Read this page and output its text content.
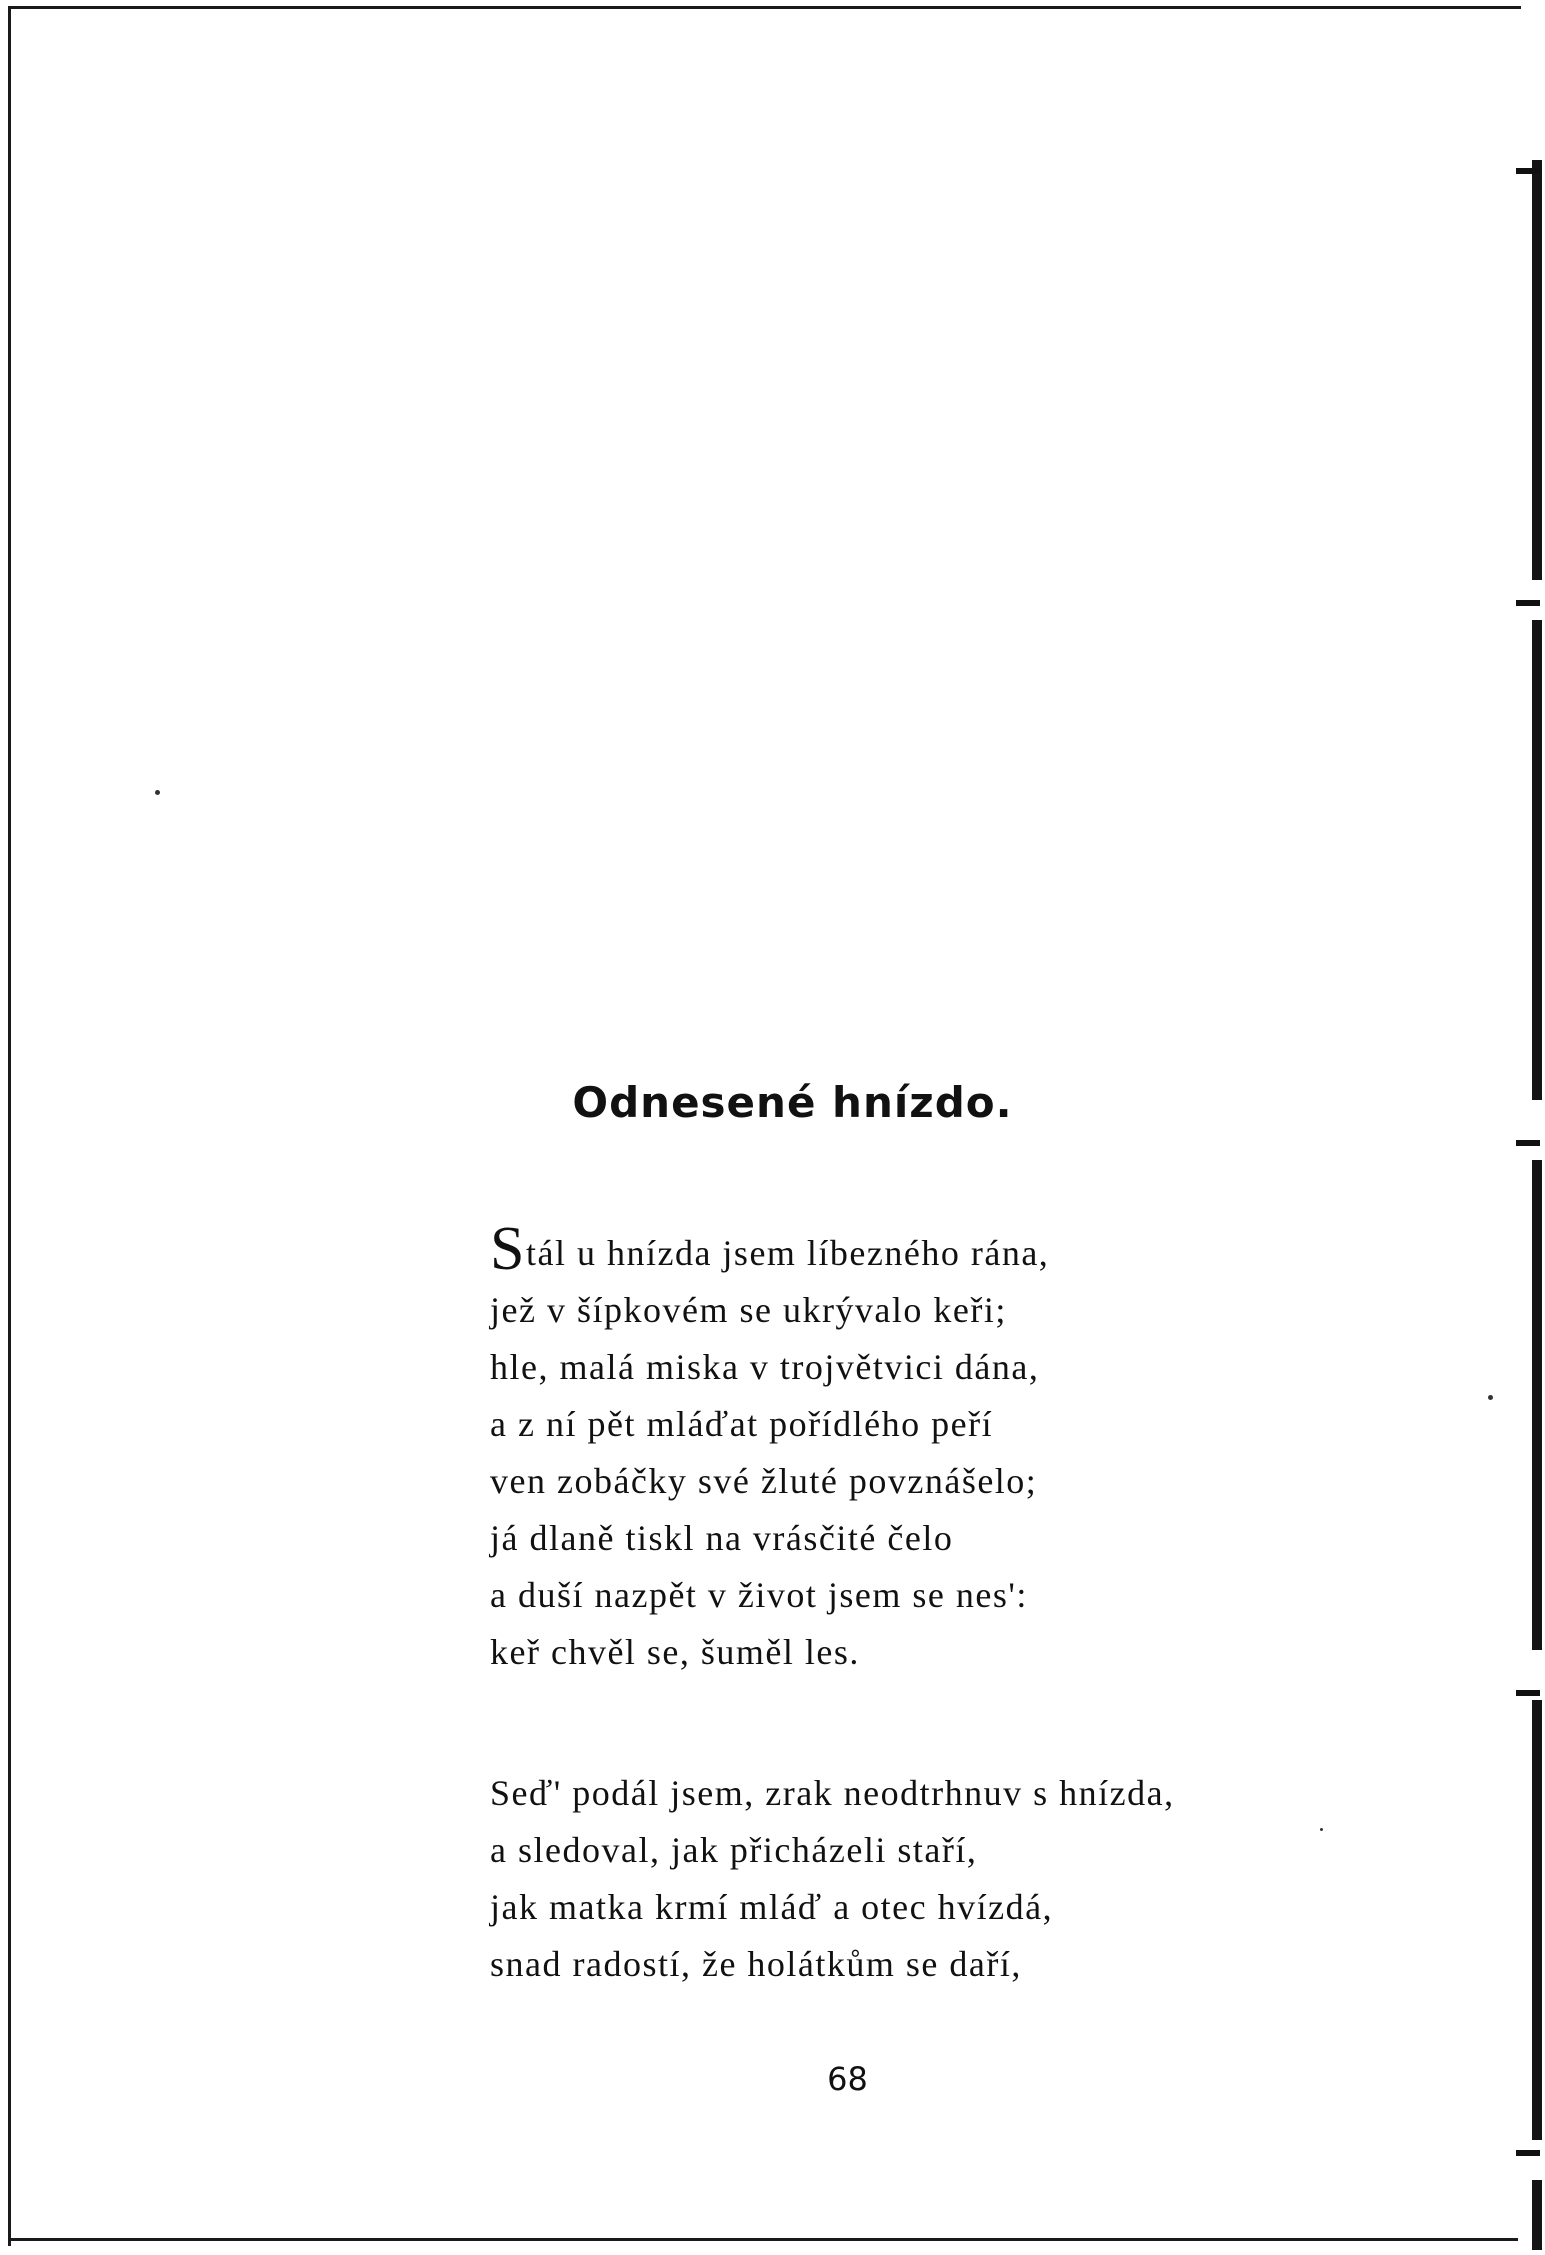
Odnesené hnízdo.
Stál u hnízda jsem líbezného rána,
jež v šípkovém se ukrývalo keři;
hle, malá miska v trojvětvici dána,
a z ní pět mláďat pořídlého peří
ven zobáčky své žluté povznášelo;
já dlaně tiskl na vrásčité čelo
a duší nazpět v život jsem se nes':
keř chvěl se, šuměl les.
Seď' podál jsem, zrak neodtrhnuv s hnízda,
a sledoval, jak přicházeli staří,
jak matka krmí mláď a otec hvízdá,
snad radostí, že holátkům se daří,
68
